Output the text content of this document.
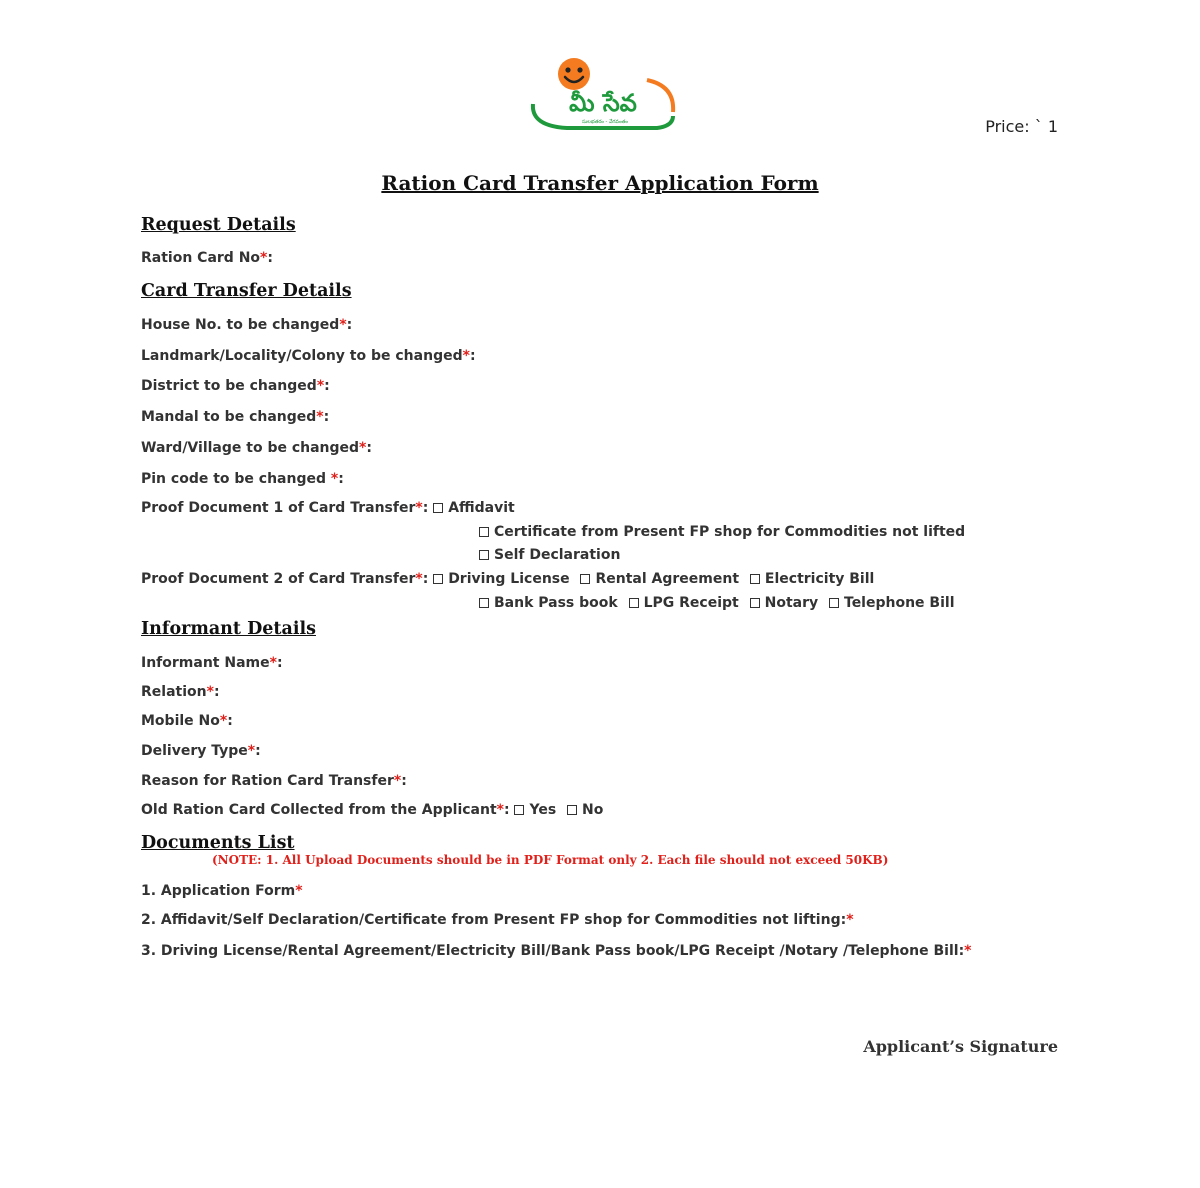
మీ సేవ
సులభతరం - వేగవంతం	Price: ` 1
Ration Card Transfer Application Form
Request Details
Ration Card No*:
Card Transfer Details
House No. to be changed*:
Landmark/Locality/Colony to be changed*:
District to be changed*:
Mandal to be changed*:
Ward/Village to be changed*:
Pin code to be changed *:
Proof Document 1 of Card Transfer*: Affidavit
Certificate from Present FP shop for Commodities not lifted
Self Declaration
Proof Document 2 of Card Transfer*: Driving License Rental Agreement Electricity Bill
Bank Pass book LPG Receipt Notary Telephone Bill
Informant Details
Informant Name*:
Relation*:
Mobile No*:
Delivery Type*:
Reason for Ration Card Transfer*:
Old Ration Card Collected from the Applicant*: Yes No
Documents List
(NOTE: 1. All Upload Documents should be in PDF Format only 2. Each file should not exceed 50KB)
1. Application Form*
2. Affidavit/Self Declaration/Certificate from Present FP shop for Commodities not lifting:*
3. Driving License/Rental Agreement/Electricity Bill/Bank Pass book/LPG Receipt /Notary /Telephone Bill:*
Applicant’s Signature
